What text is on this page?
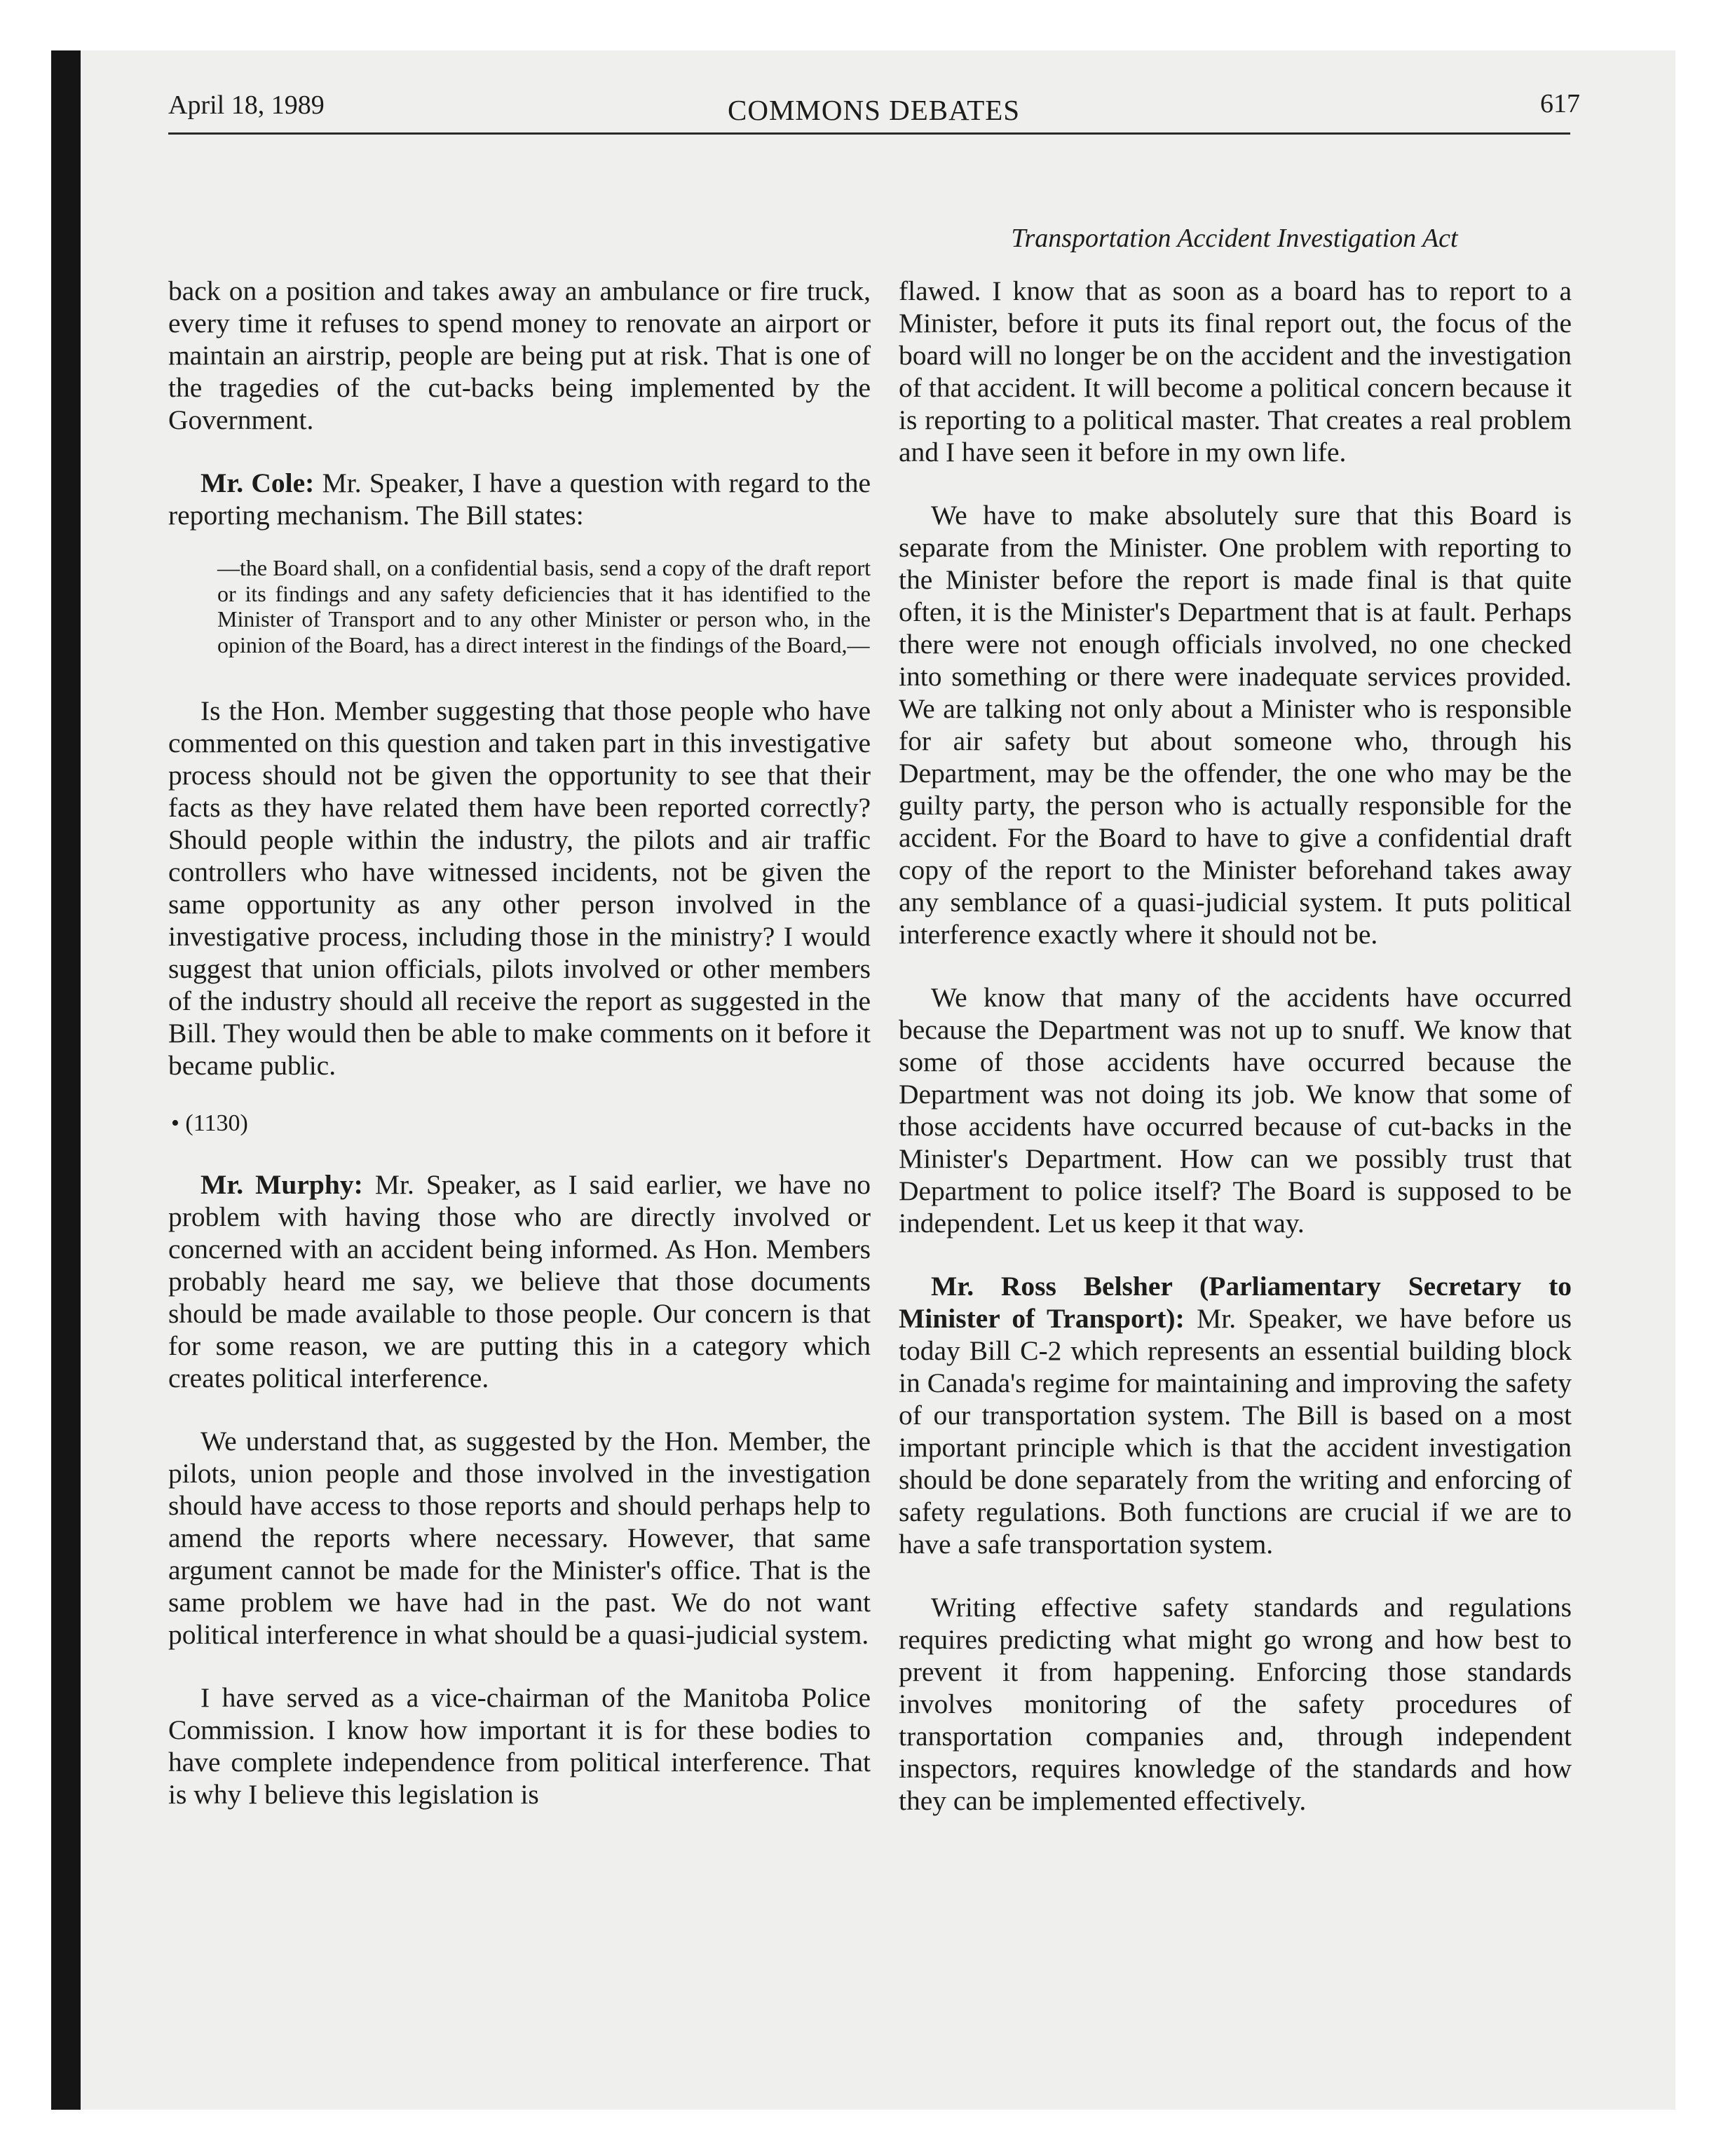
April 18, 1989	COMMONS DEBATES	617
Transportation Accident Investigation Act

back on a position and takes away an ambulance or fire truck, every time it refuses to spend money to renovate an airport or maintain an airstrip, people are being put at risk. That is one of the tragedies of the cut-backs being implemented by the Government.

Mr. Cole: Mr. Speaker, I have a question with regard to the reporting mechanism. The Bill states:

—the Board shall, on a confidential basis, send a copy of the draft report or its findings and any safety deficiencies that it has identified to the Minister of Transport and to any other Minister or person who, in the opinion of the Board, has a direct interest in the findings of the Board,—

Is the Hon. Member suggesting that those people who have commented on this question and taken part in this investigative process should not be given the opportunity to see that their facts as they have related them have been reported correctly? Should people within the industry, the pilots and air traffic controllers who have witnessed incidents, not be given the same opportunity as any other person involved in the investigative process, including those in the ministry? I would suggest that union officials, pilots involved or other members of the industry should all receive the report as suggested in the Bill. They would then be able to make comments on it before it became public.

• (1130)

Mr. Murphy: Mr. Speaker, as I said earlier, we have no problem with having those who are directly involved or concerned with an accident being informed. As Hon. Members probably heard me say, we believe that those documents should be made available to those people. Our concern is that for some reason, we are putting this in a category which creates political interference.

We understand that, as suggested by the Hon. Member, the pilots, union people and those involved in the investigation should have access to those reports and should perhaps help to amend the reports where necessary. However, that same argument cannot be made for the Minister's office. That is the same problem we have had in the past. We do not want political interference in what should be a quasi-judicial system.

I have served as a vice-chairman of the Manitoba Police Commission. I know how important it is for these bodies to have complete independence from political interference. That is why I believe this legislation is

flawed. I know that as soon as a board has to report to a Minister, before it puts its final report out, the focus of the board will no longer be on the accident and the investigation of that accident. It will become a political concern because it is reporting to a political master. That creates a real problem and I have seen it before in my own life.

We have to make absolutely sure that this Board is separate from the Minister. One problem with reporting to the Minister before the report is made final is that quite often, it is the Minister's Department that is at fault. Perhaps there were not enough officials involved, no one checked into something or there were inadequate services provided. We are talking not only about a Minister who is responsible for air safety but about someone who, through his Department, may be the offender, the one who may be the guilty party, the person who is actually responsible for the accident. For the Board to have to give a confidential draft copy of the report to the Minister beforehand takes away any semblance of a quasi-judicial system. It puts political interference exactly where it should not be.

We know that many of the accidents have occurred because the Department was not up to snuff. We know that some of those accidents have occurred because the Department was not doing its job. We know that some of those accidents have occurred because of cut-backs in the Minister's Department. How can we possibly trust that Department to police itself? The Board is supposed to be independent. Let us keep it that way.

Mr. Ross Belsher (Parliamentary Secretary to Minister of Transport): Mr. Speaker, we have before us today Bill C-2 which represents an essential building block in Canada's regime for maintaining and improving the safety of our transportation system. The Bill is based on a most important principle which is that the accident investigation should be done separately from the writing and enforcing of safety regulations. Both functions are crucial if we are to have a safe transportation system.

Writing effective safety standards and regulations requires predicting what might go wrong and how best to prevent it from happening. Enforcing those standards involves monitoring of the safety procedures of transportation companies and, through independent inspectors, requires knowledge of the standards and how they can be implemented effectively.
